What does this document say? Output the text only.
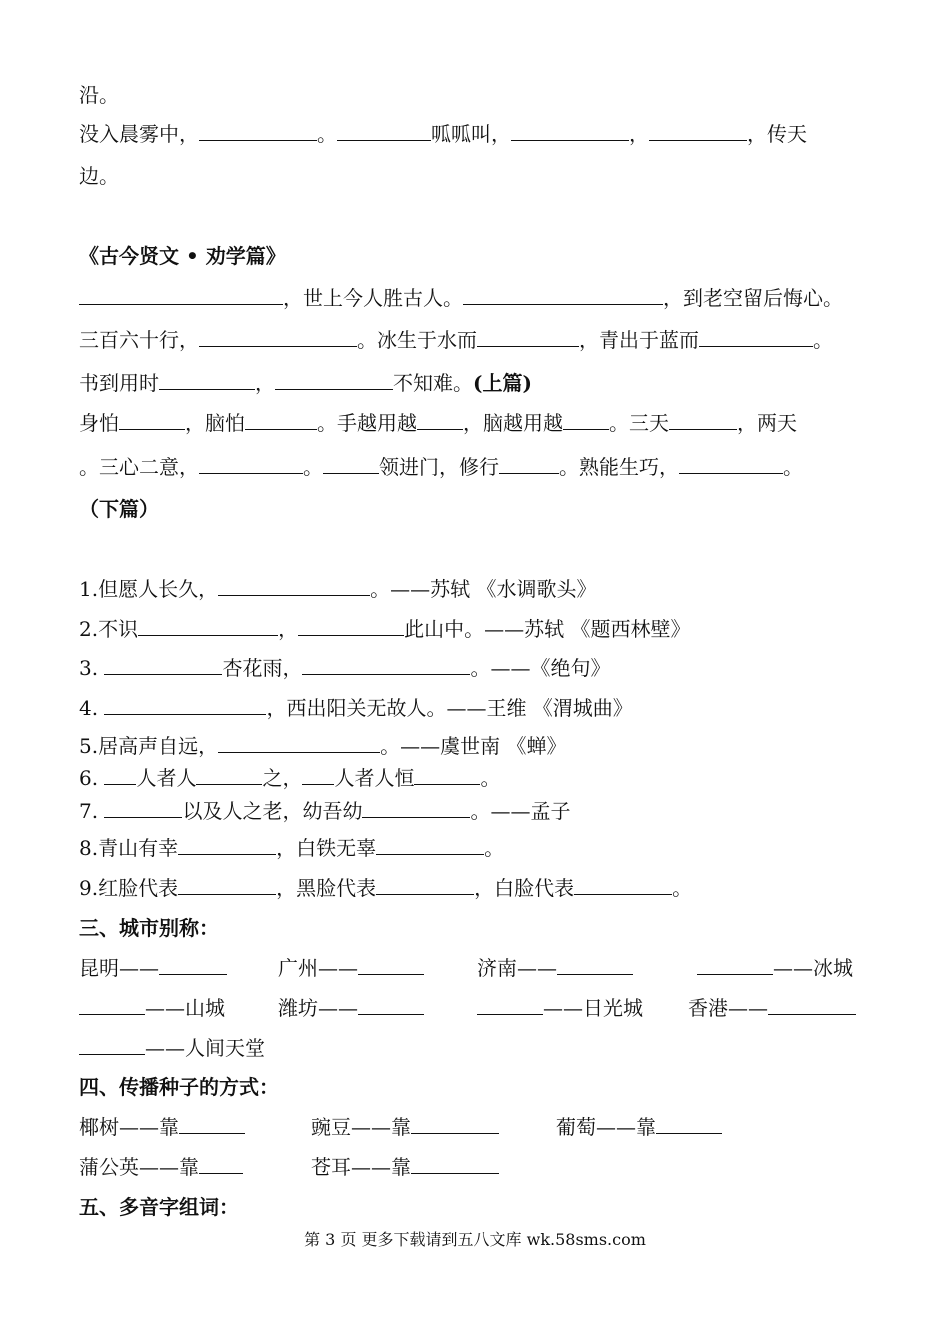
沿。
没入晨雾中，	。	呱呱叫，	，	，传天
边。
《古今贤文 • 劝学篇》
，世上今人胜古人。	，到老空留后悔心。
三百六十行，	。冰生于水而	，青出于蓝而	。
书到用时	，	不知难。(上篇)
身怕	，脑怕	。手越用越 ，脑越用越 。三天	，两天
。三心二意，	。	领进门，修行	。熟能生巧，	。
（下篇）
1.但愿人长久，	。——苏轼 《水调歌头》
2.不识	，	此山中。——苏轼 《题西林壁》
3.	杏花雨，	。——《绝句》
4.	，西出阳关无故人。——王维 《渭城曲》
5.居高声自远，	。——虞世南 《蝉》
6. 人者人	之， 人者人恒	。
7.	以及人之老，幼吾幼	。——孟子
8.青山有幸	，白铁无辜	。
9.红脸代表	，黑脸代表	，白脸代表	。
三、城市别称：
昆明——	广州——	济南——	——冰城
——山城	潍坊——	——日光城 香港——
——人间天堂
四、传播种子的方式：
椰树——靠	豌豆——靠	葡萄——靠
蒲公英——靠	苍耳——靠
五、多音字组词：
第 3 页 更多下载请到五八文库 wk.58sms.com
